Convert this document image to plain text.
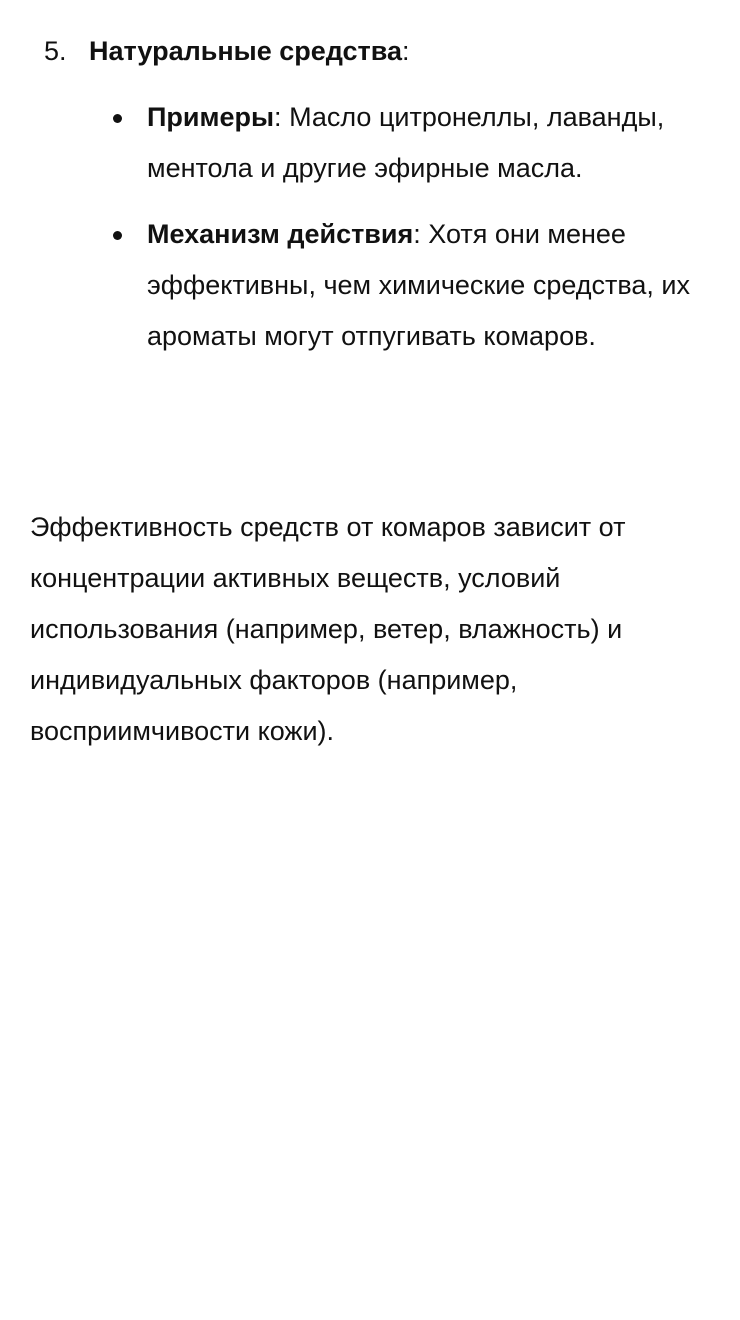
5. Натуральные средства:
Примеры: Масло цитронеллы, лаванды, ментола и другие эфирные масла.
Механизм действия: Хотя они менее эффективны, чем химические средства, их ароматы могут отпугивать комаров.

Эффективность средств от комаров зависит от концентрации активных веществ, условий использования (например, ветер, влажность) и индивидуальных факторов (например, восприимчивости кожи).
